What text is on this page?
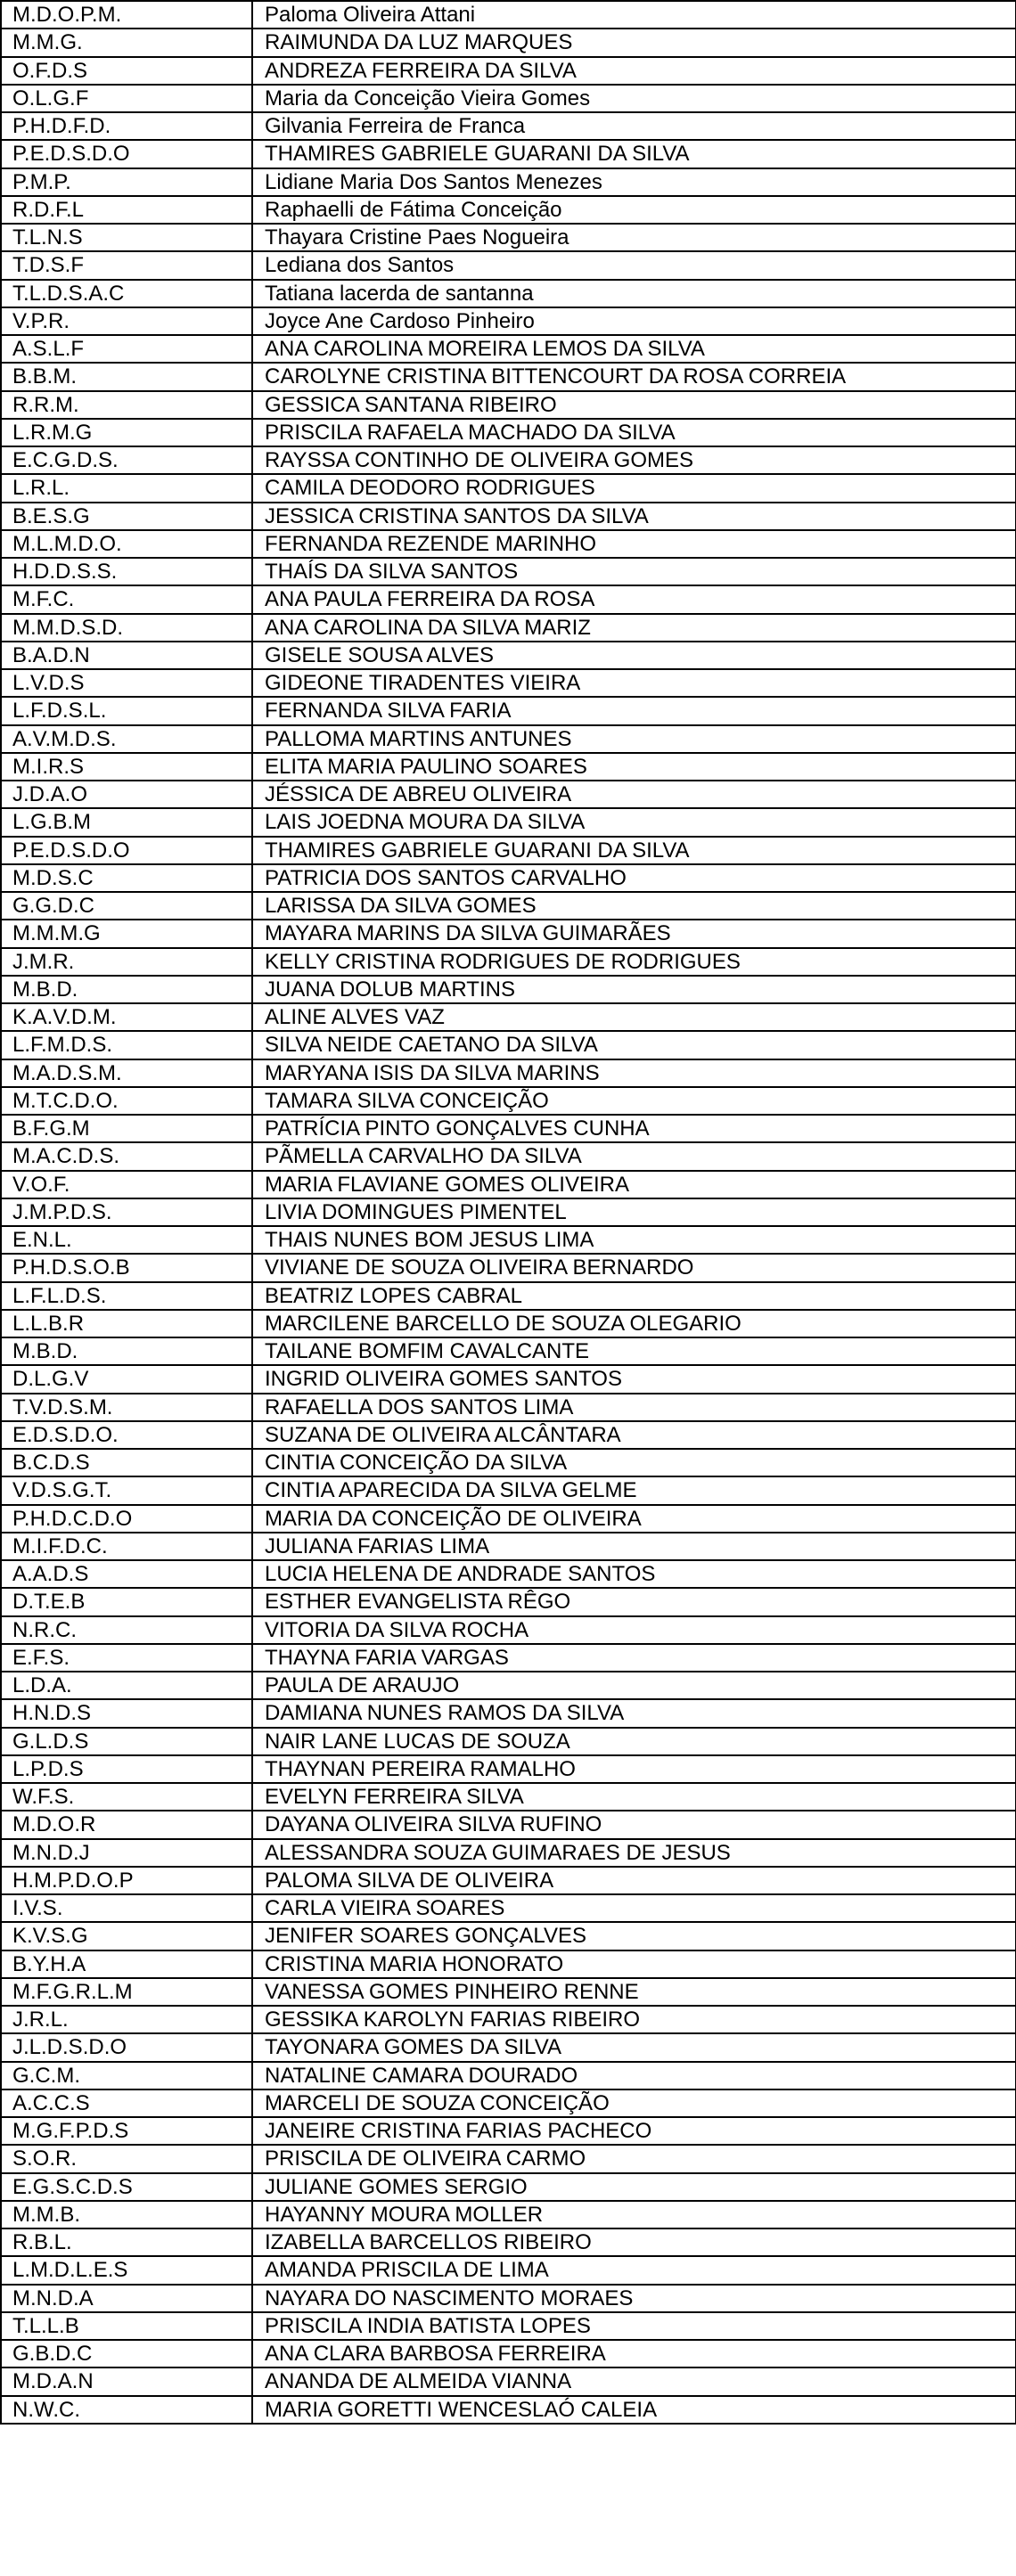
M.D.O.P.M.	Paloma Oliveira Attani
M.M.G.	RAIMUNDA DA LUZ MARQUES
O.F.D.S	ANDREZA FERREIRA DA SILVA
O.L.G.F	Maria da Conceição Vieira Gomes
P.H.D.F.D.	Gilvania Ferreira de Franca
P.E.D.S.D.O	THAMIRES GABRIELE GUARANI DA SILVA
P.M.P.	Lidiane Maria Dos Santos Menezes
R.D.F.L	Raphaelli de Fátima Conceição
T.L.N.S	Thayara Cristine Paes Nogueira
T.D.S.F	Lediana dos Santos
T.L.D.S.A.C	Tatiana lacerda de santanna
V.P.R.	Joyce Ane Cardoso Pinheiro
A.S.L.F	ANA CAROLINA MOREIRA LEMOS DA SILVA
B.B.M.	CAROLYNE CRISTINA BITTENCOURT DA ROSA CORREIA
R.R.M.	GESSICA SANTANA RIBEIRO
L.R.M.G	PRISCILA RAFAELA MACHADO DA SILVA
E.C.G.D.S.	RAYSSA CONTINHO DE OLIVEIRA GOMES
L.R.L.	CAMILA DEODORO RODRIGUES
B.E.S.G	JESSICA CRISTINA SANTOS DA SILVA
M.L.M.D.O.	FERNANDA REZENDE MARINHO
H.D.D.S.S.	THAÍS DA SILVA SANTOS
M.F.C.	ANA PAULA FERREIRA DA ROSA
M.M.D.S.D.	ANA CAROLINA DA SILVA MARIZ
B.A.D.N	GISELE SOUSA ALVES
L.V.D.S	GIDEONE TIRADENTES VIEIRA
L.F.D.S.L.	FERNANDA SILVA FARIA
A.V.M.D.S.	PALLOMA MARTINS ANTUNES
M.I.R.S	ELITA MARIA PAULINO SOARES
J.D.A.O	JÉSSICA DE ABREU OLIVEIRA
L.G.B.M	LAIS JOEDNA MOURA DA SILVA
P.E.D.S.D.O	THAMIRES GABRIELE GUARANI DA SILVA
M.D.S.C	PATRICIA DOS SANTOS CARVALHO
G.G.D.C	LARISSA DA SILVA GOMES
M.M.M.G	MAYARA MARINS DA SILVA GUIMARÃES
J.M.R.	KELLY CRISTINA RODRIGUES DE RODRIGUES
M.B.D.	JUANA DOLUB MARTINS
K.A.V.D.M.	ALINE ALVES VAZ
L.F.M.D.S.	SILVA NEIDE CAETANO DA SILVA
M.A.D.S.M.	MARYANA ISIS DA SILVA MARINS
M.T.C.D.O.	TAMARA SILVA CONCEIÇÃO
B.F.G.M	PATRÍCIA PINTO GONÇALVES CUNHA
M.A.C.D.S.	PÃMELLA CARVALHO DA SILVA
V.O.F.	MARIA FLAVIANE GOMES OLIVEIRA
J.M.P.D.S.	LIVIA DOMINGUES PIMENTEL
E.N.L.	THAIS NUNES BOM JESUS LIMA
P.H.D.S.O.B	VIVIANE DE SOUZA OLIVEIRA BERNARDO
L.F.L.D.S.	BEATRIZ LOPES CABRAL
L.L.B.R	MARCILENE BARCELLO DE SOUZA OLEGARIO
M.B.D.	TAILANE BOMFIM CAVALCANTE
D.L.G.V	INGRID OLIVEIRA GOMES SANTOS
T.V.D.S.M.	RAFAELLA DOS SANTOS LIMA
E.D.S.D.O.	SUZANA DE OLIVEIRA ALCÂNTARA
B.C.D.S	CINTIA CONCEIÇÃO DA SILVA
V.D.S.G.T.	CINTIA APARECIDA DA SILVA GELME
P.H.D.C.D.O	MARIA DA CONCEIÇÃO DE OLIVEIRA
M.I.F.D.C.	JULIANA FARIAS LIMA
A.A.D.S	LUCIA HELENA DE ANDRADE SANTOS
D.T.E.B	ESTHER EVANGELISTA RÊGO
N.R.C.	VITORIA DA SILVA ROCHA
E.F.S.	THAYNA FARIA VARGAS
L.D.A.	PAULA DE ARAUJO
H.N.D.S	DAMIANA NUNES RAMOS DA SILVA
G.L.D.S	NAIR LANE LUCAS DE SOUZA
L.P.D.S	THAYNAN PEREIRA RAMALHO
W.F.S.	EVELYN FERREIRA SILVA
M.D.O.R	DAYANA OLIVEIRA SILVA RUFINO
M.N.D.J	ALESSANDRA SOUZA GUIMARAES DE JESUS
H.M.P.D.O.P	PALOMA SILVA DE OLIVEIRA
I.V.S.	CARLA VIEIRA SOARES
K.V.S.G	JENIFER SOARES GONÇALVES
B.Y.H.A	CRISTINA MARIA HONORATO
M.F.G.R.L.M	VANESSA GOMES PINHEIRO RENNE
J.R.L.	GESSIKA KAROLYN FARIAS RIBEIRO
J.L.D.S.D.O	TAYONARA GOMES DA SILVA
G.C.M.	NATALINE CAMARA DOURADO
A.C.C.S	MARCELI DE SOUZA CONCEIÇÃO
M.G.F.P.D.S	JANEIRE CRISTINA FARIAS PACHECO
S.O.R.	PRISCILA DE OLIVEIRA CARMO
E.G.S.C.D.S	JULIANE GOMES SERGIO
M.M.B.	HAYANNY MOURA MOLLER
R.B.L.	IZABELLA BARCELLOS RIBEIRO
L.M.D.L.E.S	AMANDA PRISCILA DE LIMA
M.N.D.A	NAYARA DO NASCIMENTO MORAES
T.L.L.B	PRISCILA INDIA BATISTA LOPES
G.B.D.C	ANA CLARA BARBOSA FERREIRA
M.D.A.N	ANANDA DE ALMEIDA VIANNA
N.W.C.	MARIA GORETTI WENCESLAÓ CALEIA
